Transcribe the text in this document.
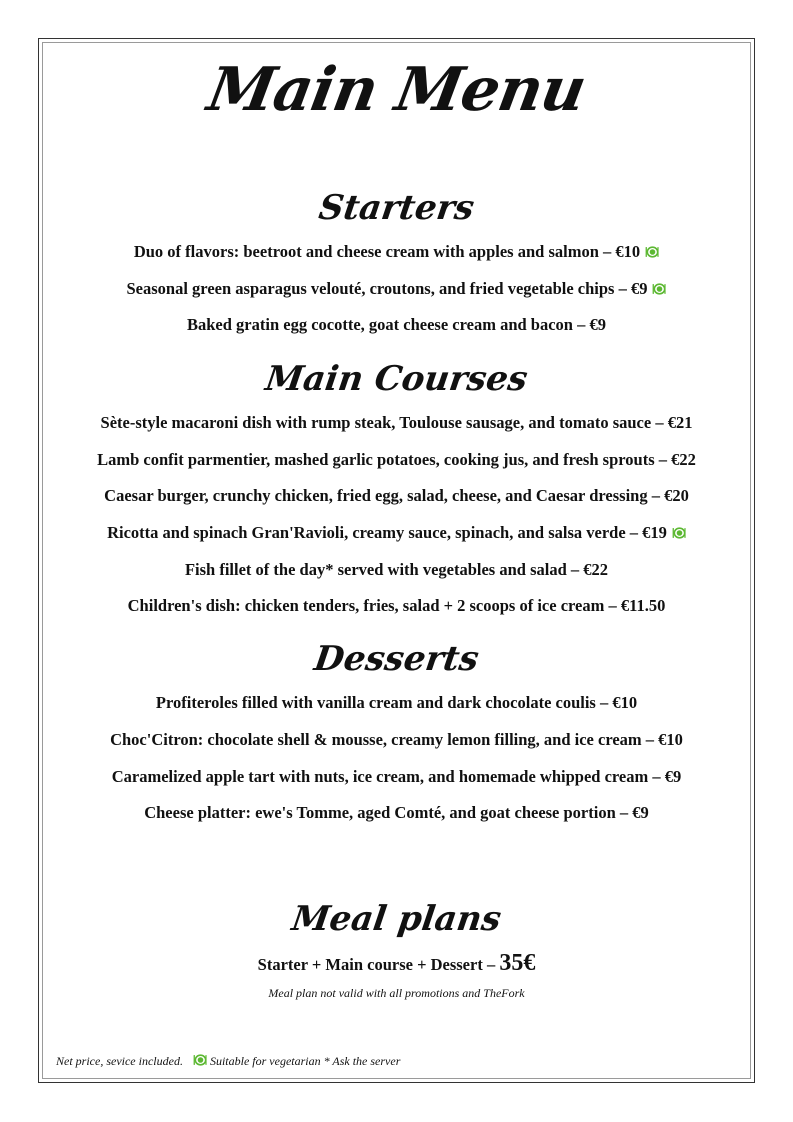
Main Menu
Starters
Duo of flavors: beetroot and cheese cream with apples and salmon – €10
Seasonal green asparagus velouté, croutons, and fried vegetable chips – €9
Baked gratin egg cocotte, goat cheese cream and bacon – €9
Main Courses
Sète-style macaroni dish with rump steak, Toulouse sausage, and tomato sauce – €21
Lamb confit parmentier, mashed garlic potatoes, cooking jus, and fresh sprouts – €22
Caesar burger, crunchy chicken, fried egg, salad, cheese, and Caesar dressing – €20
Ricotta and spinach Gran'Ravioli, creamy sauce, spinach, and salsa verde – €19
Fish fillet of the day* served with vegetables and salad – €22
Children's dish: chicken tenders, fries, salad + 2 scoops of ice cream – €11.50
Desserts
Profiteroles filled with vanilla cream and dark chocolate coulis – €10
Choc'Citron: chocolate shell & mousse, creamy lemon filling, and ice cream – €10
Caramelized apple tart with nuts, ice cream, and homemade whipped cream – €9
Cheese platter: ewe's Tomme, aged Comté, and goat cheese portion – €9
Meal plans
Starter + Main course + Dessert – 35€
Meal plan not valid with all promotions and TheFork
Net price, sevice included. Suitable for vegetarian * Ask the server
